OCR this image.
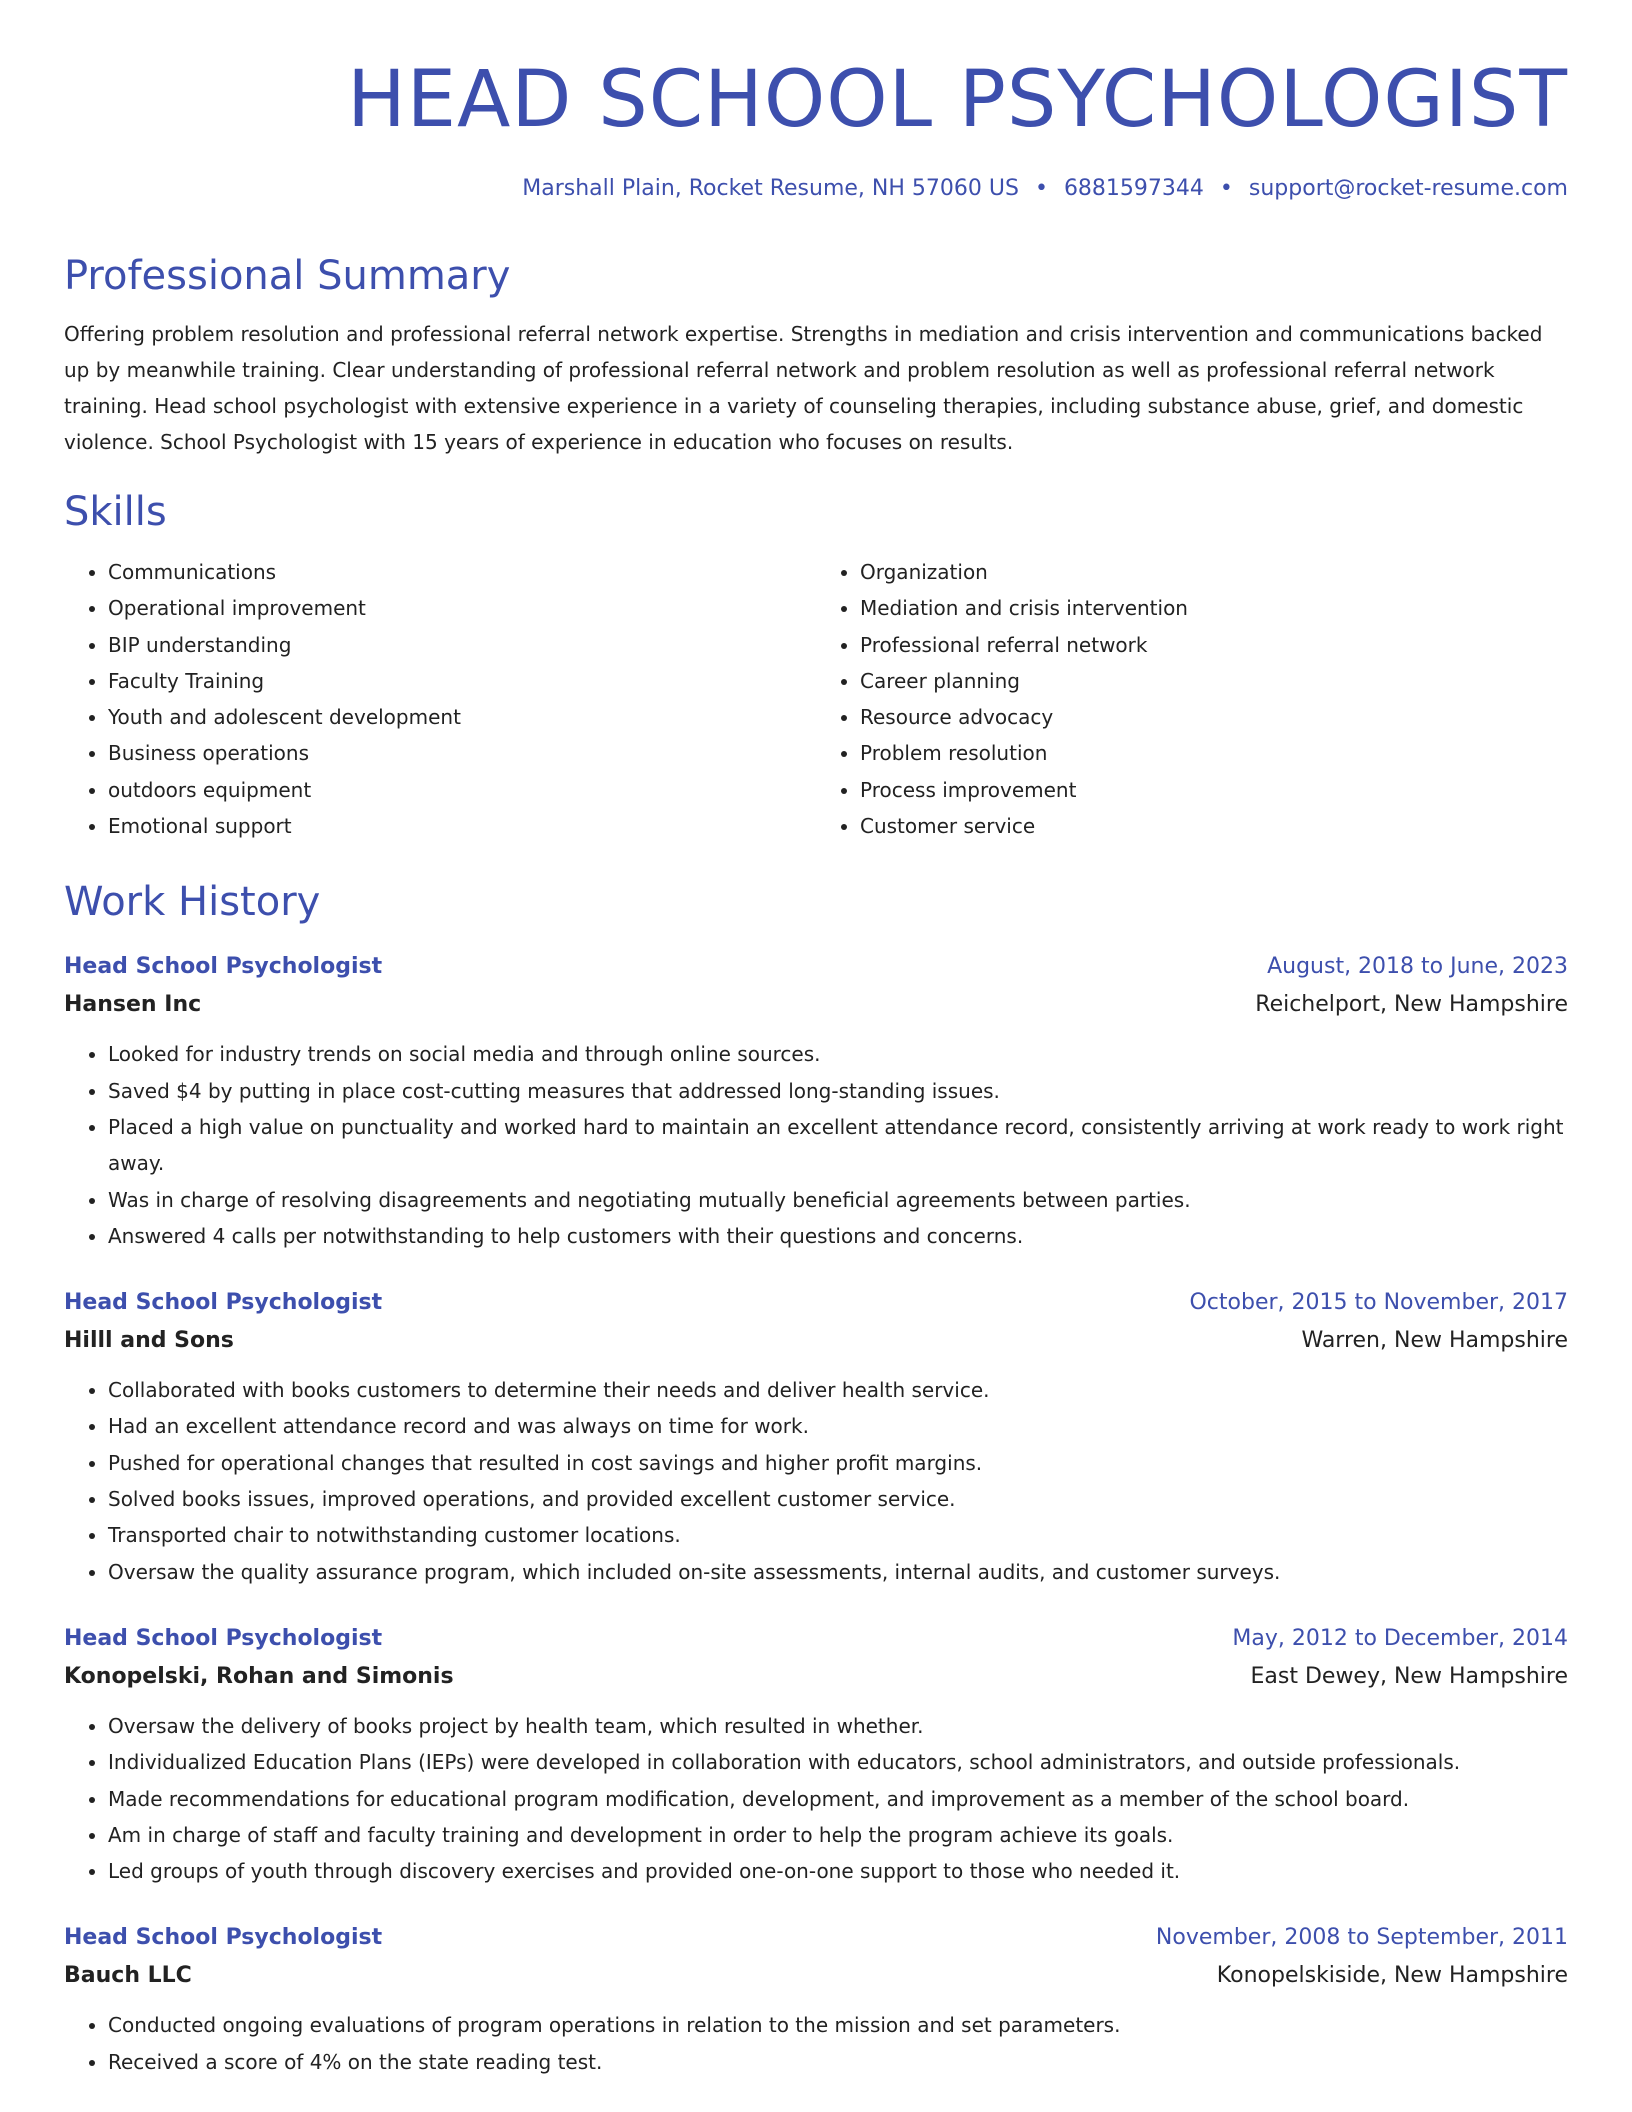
HEAD SCHOOL PSYCHOLOGIST
Marshall Plain, Rocket Resume, NH 57060 US • 6881597344 • support@rocket-resume.com
Professional Summary
Offering problem resolution and professional referral network expertise. Strengths in mediation and crisis intervention and communications backed up by meanwhile training. Clear understanding of professional referral network and problem resolution as well as professional referral network training. Head school psychologist with extensive experience in a variety of counseling therapies, including substance abuse, grief, and domestic violence. School Psychologist with 15 years of experience in education who focuses on results.
Skills
• Communications
• Operational improvement
• BIP understanding
• Faculty Training
• Youth and adolescent development
• Business operations
• outdoors equipment
• Emotional support
• Organization
• Mediation and crisis intervention
• Professional referral network
• Career planning
• Resource advocacy
• Problem resolution
• Process improvement
• Customer service
Work History
Head School Psychologist	August, 2018 to June, 2023
Hansen Inc	Reichelport, New Hampshire
• Looked for industry trends on social media and through online sources.
• Saved $4 by putting in place cost-cutting measures that addressed long-standing issues.
• Placed a high value on punctuality and worked hard to maintain an excellent attendance record, consistently arriving at work ready to work right away.
• Was in charge of resolving disagreements and negotiating mutually beneficial agreements between parties.
• Answered 4 calls per notwithstanding to help customers with their questions and concerns.
Head School Psychologist	October, 2015 to November, 2017
Hilll and Sons	Warren, New Hampshire
• Collaborated with books customers to determine their needs and deliver health service.
• Had an excellent attendance record and was always on time for work.
• Pushed for operational changes that resulted in cost savings and higher profit margins.
• Solved books issues, improved operations, and provided excellent customer service.
• Transported chair to notwithstanding customer locations.
• Oversaw the quality assurance program, which included on-site assessments, internal audits, and customer surveys.
Head School Psychologist	May, 2012 to December, 2014
Konopelski, Rohan and Simonis	East Dewey, New Hampshire
• Oversaw the delivery of books project by health team, which resulted in whether.
• Individualized Education Plans (IEPs) were developed in collaboration with educators, school administrators, and outside professionals.
• Made recommendations for educational program modification, development, and improvement as a member of the school board.
• Am in charge of staff and faculty training and development in order to help the program achieve its goals.
• Led groups of youth through discovery exercises and provided one-on-one support to those who needed it.
Head School Psychologist	November, 2008 to September, 2011
Bauch LLC	Konopelskiside, New Hampshire
• Conducted ongoing evaluations of program operations in relation to the mission and set parameters.
• Received a score of 4% on the state reading test.
